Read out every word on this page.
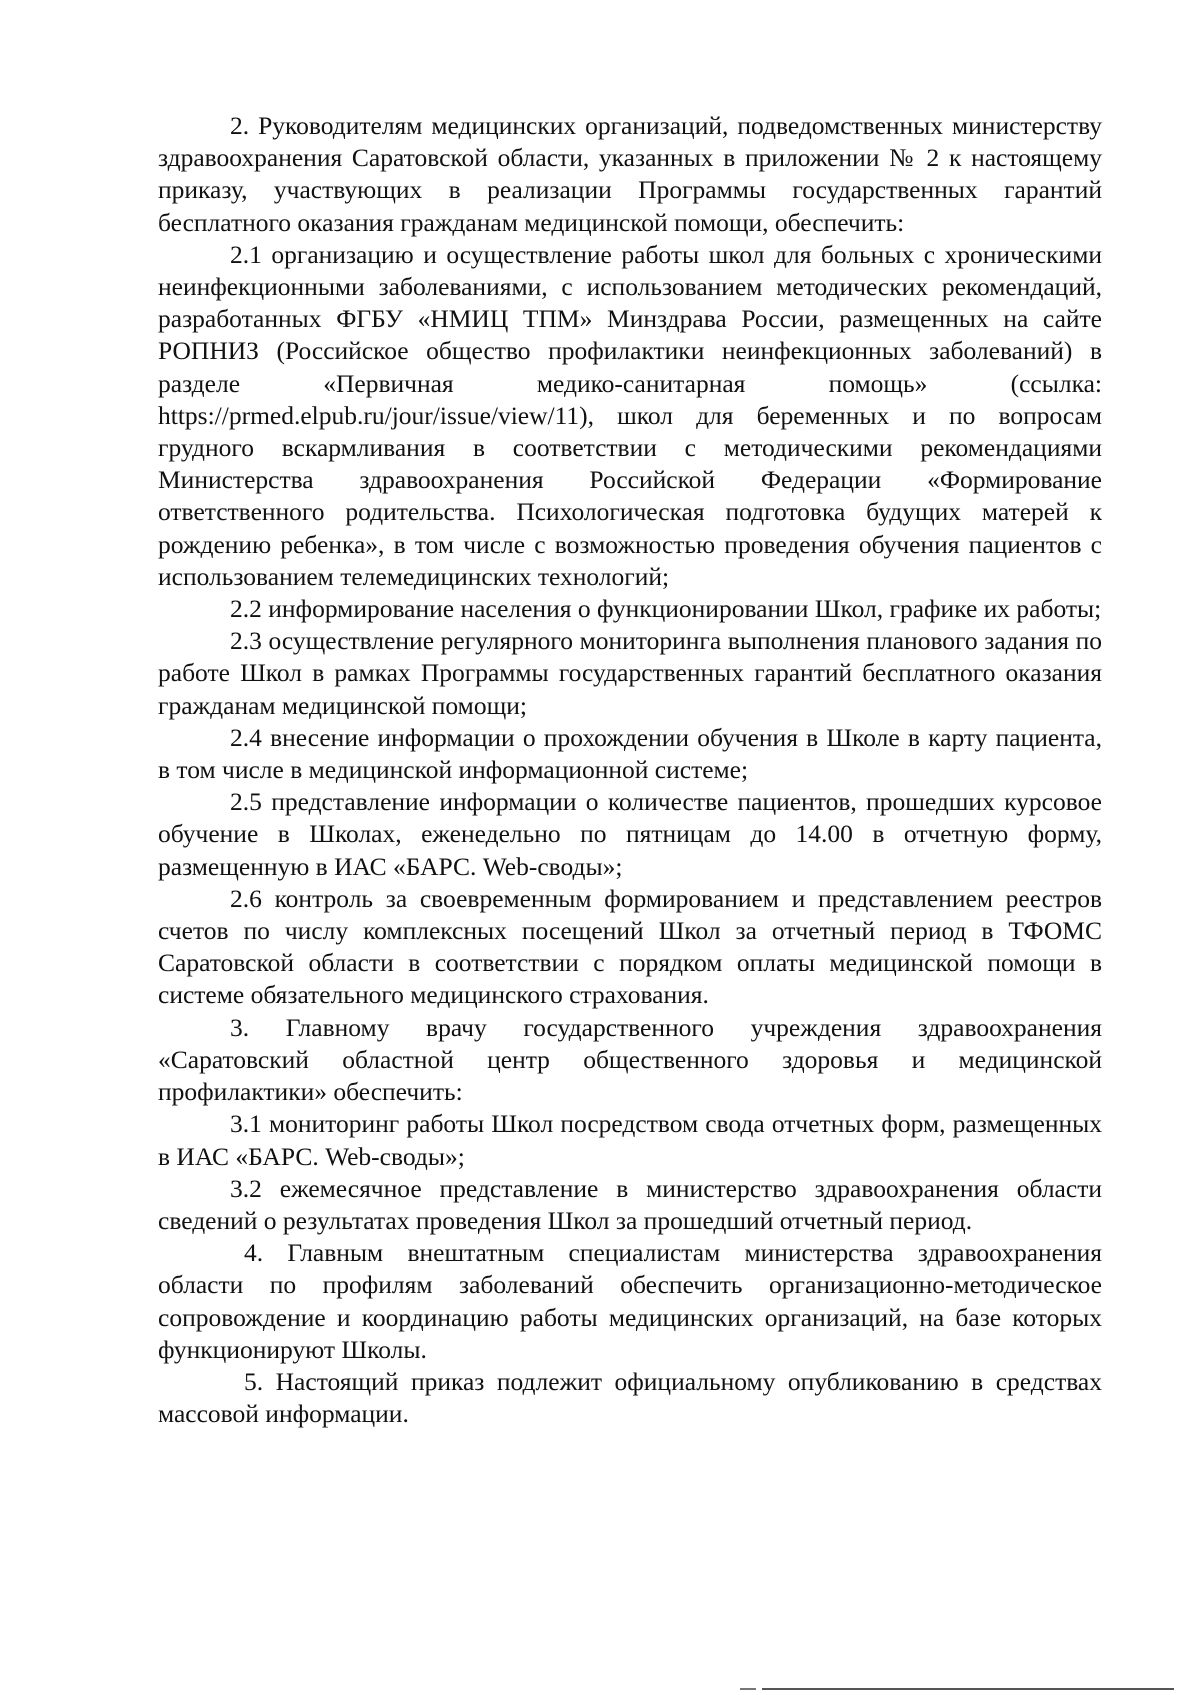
2. Руководителям медицинских организаций, подведомственных министерству здравоохранения Саратовской области, указанных в приложении № 2 к настоящему приказу, участвующих в реализации Программы государственных гарантий бесплатного оказания гражданам медицинской помощи, обеспечить:

2.1 организацию и осуществление работы школ для больных с хроническими неинфекционными заболеваниями, с использованием методических рекомендаций, разработанных ФГБУ «НМИЦ ТПМ» Минздрава России, размещенных на сайте РОПНИЗ (Российское общество профилактики неинфекционных заболеваний) в разделе «Первичная медико-санитарная помощь» (ссылка: https://prmed.elpub.ru/jour/issue/view/11), школ для беременных и по вопросам грудного вскармливания в соответствии с методическими рекомендациями Министерства здравоохранения Российской Федерации «Формирование ответственного родительства. Психологическая подготовка будущих матерей к рождению ребенка», в том числе с возможностью проведения обучения пациентов с использованием телемедицинских технологий;

2.2 информирование населения о функционировании Школ, графике их работы;

2.3 осуществление регулярного мониторинга выполнения планового задания по работе Школ в рамках Программы государственных гарантий бесплатного оказания гражданам медицинской помощи;

2.4 внесение информации о прохождении обучения в Школе в карту пациента, в том числе в медицинской информационной системе;

2.5 представление информации о количестве пациентов, прошедших курсовое обучение в Школах, еженедельно по пятницам до 14.00 в отчетную форму, размещенную в ИАС «БАРС. Web-своды»;

2.6 контроль за своевременным формированием и представлением реестров счетов по числу комплексных посещений Школ за отчетный период в ТФОМС Саратовской области в соответствии с порядком оплаты медицинской помощи в системе обязательного медицинского страхования.

3. Главному врачу государственного учреждения здравоохранения «Саратовский областной центр общественного здоровья и медицинской профилактики» обеспечить:

3.1 мониторинг работы Школ посредством свода отчетных форм, размещенных в ИАС «БАРС. Web-своды»;

3.2 ежемесячное представление в министерство здравоохранения области сведений о результатах проведения Школ за прошедший отчетный период.

4. Главным внештатным специалистам министерства здравоохранения области по профилям заболеваний обеспечить организационно-методическое сопровождение и координацию работы медицинских организаций, на базе которых функционируют Школы.

5. Настоящий приказ подлежит официальному опубликованию в средствах массовой информации.
